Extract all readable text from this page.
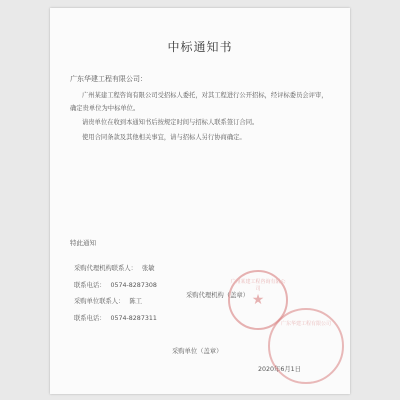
中标通知书
广东华建工程有限公司：

广州某建工程咨询有限公司受招标人委托，对其工程进行公开招标，经评标委员会评审，确定贵单位为中标单位。

请贵单位在收到本通知书后按规定时间与招标人联系签订合同。

使用合同条款及其他相关事宜，请与招标人另行协商确定。

特此通知
采购代理机构联系人： 张敏
联系电话： 0574-8287308
采购单位联系人： 陈工
联系电话： 0574-8287311
采购代理机构（盖章）
采购单位（盖章）
2020年6月1日
广州某建工程咨询有限公司
★
广东华建工程有限公司
